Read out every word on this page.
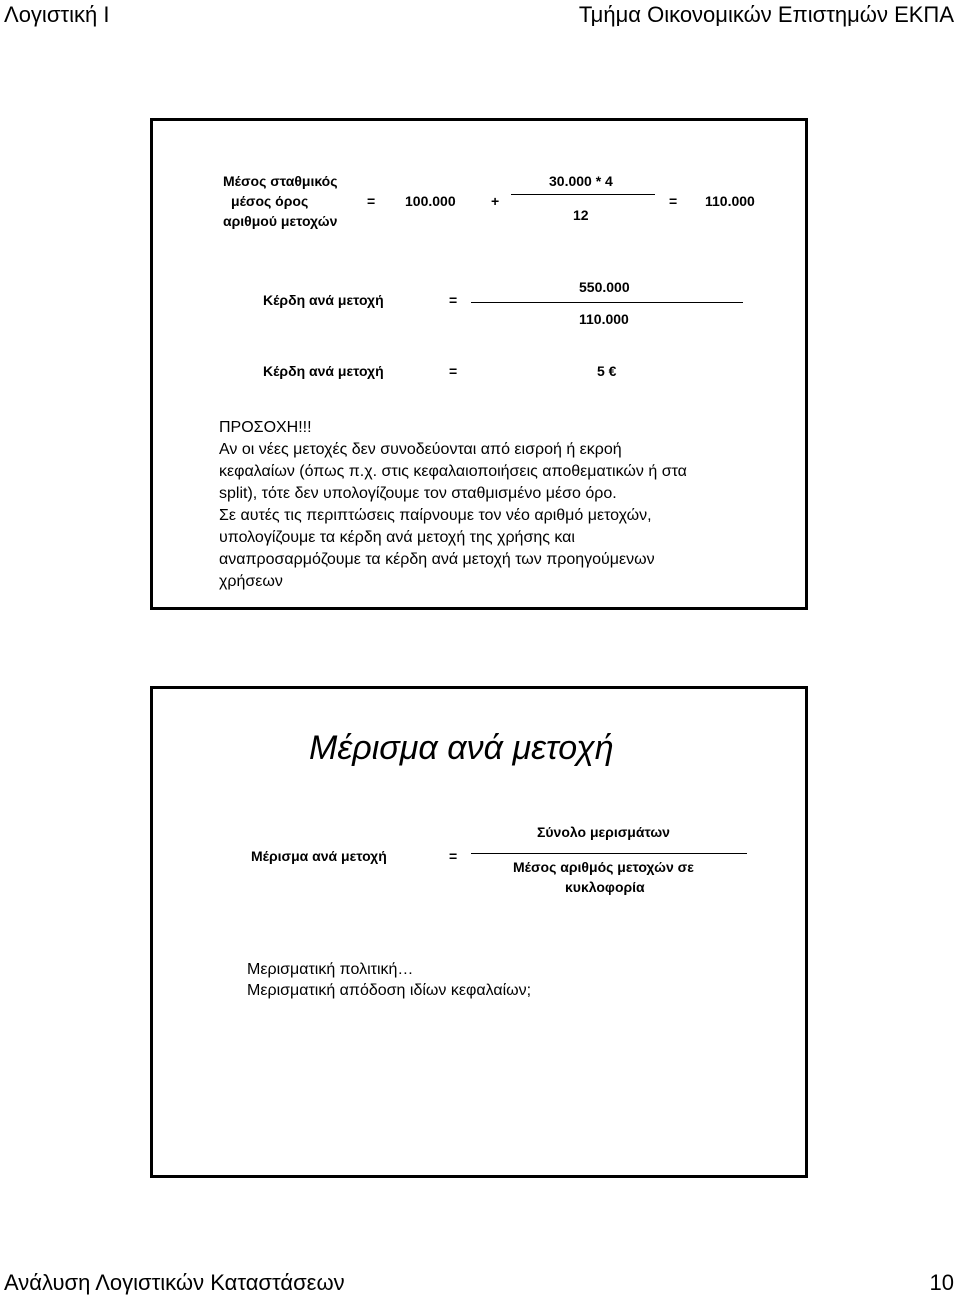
Λογιστική Ι	Τμήμα Οικονομικών Επιστημών ΕΚΠΑ
Μέσος σταθμικός
μέσος όρος
αριθμού μετοχών
= 100.000	+
30.000 * 4
12
= 110.000
Κέρδη ανά μετοχή	=
550.000
110.000
Κέρδη ανά μετοχή	=	5 €
ΠΡΟΣΟΧΗ!!!
Αν οι νέες μετοχές δεν συνοδεύονται από εισροή ή εκροή
κεφαλαίων (όπως π.χ. στις κεφαλαιοποιήσεις αποθεματικών ή στα
split), τότε δεν υπολογίζουμε τον σταθμισμένο μέσο όρο.
Σε αυτές τις περιπτώσεις παίρνουμε τον νέο αριθμό μετοχών,
υπολογίζουμε τα κέρδη ανά μετοχή της χρήσης και
αναπροσαρμόζουμε τα κέρδη ανά μετοχή των προηγούμενων
χρήσεων
Μέρισμα ανά μετοχή
Μέρισμα ανά μετοχή	=
Σύνολο μερισμάτων
Μέσος αριθμός μετοχών σε
κυκλοφορία
Μερισματική πολιτική…
Μερισματική απόδοση ιδίων κεφαλαίων;
Ανάλυση Λογιστικών Καταστάσεων	10
